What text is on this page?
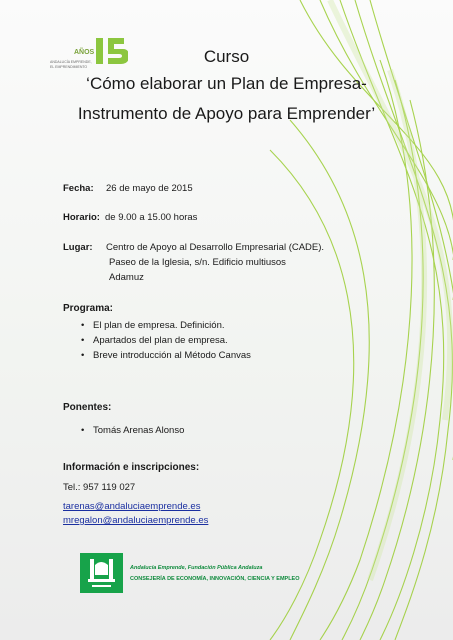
AÑOS
ANDALUCÍA EMPRENDE,
EL EMPRENDIMIENTO
Curso
‘Cómo elaborar un Plan de Empresa-
Instrumento de Apoyo para Emprender’
Fecha: 26 de mayo de 2015
Horario: de 9.00 a 15.00 horas
Lugar: Centro de Apoyo al Desarrollo Empresarial (CADE).
Paseo de la Iglesia, s/n. Edificio multiusos
Adamuz
Programa:
• El plan de empresa. Definición.
• Apartados del plan de empresa.
• Breve introducción al Método Canvas
Ponentes:
• Tomás Arenas Alonso
Información e inscripciones:
Tel.: 957 119 027
tarenas@andaluciaemprende.es
mregalon@andaluciaemprende.es
Andalucía Emprende, Fundación Pública Andaluza
CONSEJERÍA DE ECONOMÍA, INNOVACIÓN, CIENCIA Y EMPLEO
